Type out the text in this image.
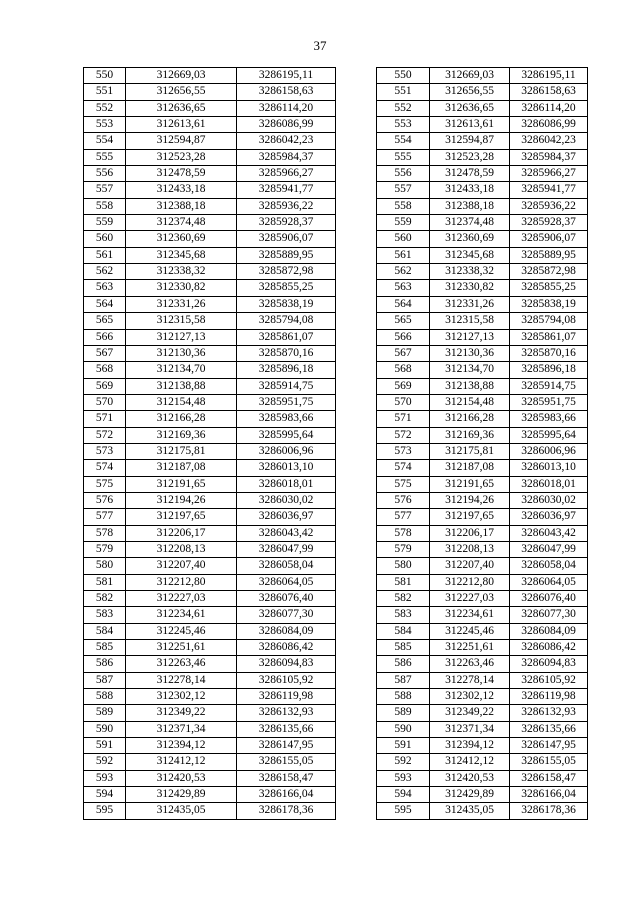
37
550	312669,03	3286195,11
551	312656,55	3286158,63
552	312636,65	3286114,20
553	312613,61	3286086,99
554	312594,87	3286042,23
555	312523,28	3285984,37
556	312478,59	3285966,27
557	312433,18	3285941,77
558	312388,18	3285936,22
559	312374,48	3285928,37
560	312360,69	3285906,07
561	312345,68	3285889,95
562	312338,32	3285872,98
563	312330,82	3285855,25
564	312331,26	3285838,19
565	312315,58	3285794,08
566	312127,13	3285861,07
567	312130,36	3285870,16
568	312134,70	3285896,18
569	312138,88	3285914,75
570	312154,48	3285951,75
571	312166,28	3285983,66
572	312169,36	3285995,64
573	312175,81	3286006,96
574	312187,08	3286013,10
575	312191,65	3286018,01
576	312194,26	3286030,02
577	312197,65	3286036,97
578	312206,17	3286043,42
579	312208,13	3286047,99
580	312207,40	3286058,04
581	312212,80	3286064,05
582	312227,03	3286076,40
583	312234,61	3286077,30
584	312245,46	3286084,09
585	312251,61	3286086,42
586	312263,46	3286094,83
587	312278,14	3286105,92
588	312302,12	3286119,98
589	312349,22	3286132,93
590	312371,34	3286135,66
591	312394,12	3286147,95
592	312412,12	3286155,05
593	312420,53	3286158,47
594	312429,89	3286166,04
595	312435,05	3286178,36
550	312669,03	3286195,11
551	312656,55	3286158,63
552	312636,65	3286114,20
553	312613,61	3286086,99
554	312594,87	3286042,23
555	312523,28	3285984,37
556	312478,59	3285966,27
557	312433,18	3285941,77
558	312388,18	3285936,22
559	312374,48	3285928,37
560	312360,69	3285906,07
561	312345,68	3285889,95
562	312338,32	3285872,98
563	312330,82	3285855,25
564	312331,26	3285838,19
565	312315,58	3285794,08
566	312127,13	3285861,07
567	312130,36	3285870,16
568	312134,70	3285896,18
569	312138,88	3285914,75
570	312154,48	3285951,75
571	312166,28	3285983,66
572	312169,36	3285995,64
573	312175,81	3286006,96
574	312187,08	3286013,10
575	312191,65	3286018,01
576	312194,26	3286030,02
577	312197,65	3286036,97
578	312206,17	3286043,42
579	312208,13	3286047,99
580	312207,40	3286058,04
581	312212,80	3286064,05
582	312227,03	3286076,40
583	312234,61	3286077,30
584	312245,46	3286084,09
585	312251,61	3286086,42
586	312263,46	3286094,83
587	312278,14	3286105,92
588	312302,12	3286119,98
589	312349,22	3286132,93
590	312371,34	3286135,66
591	312394,12	3286147,95
592	312412,12	3286155,05
593	312420,53	3286158,47
594	312429,89	3286166,04
595	312435,05	3286178,36
